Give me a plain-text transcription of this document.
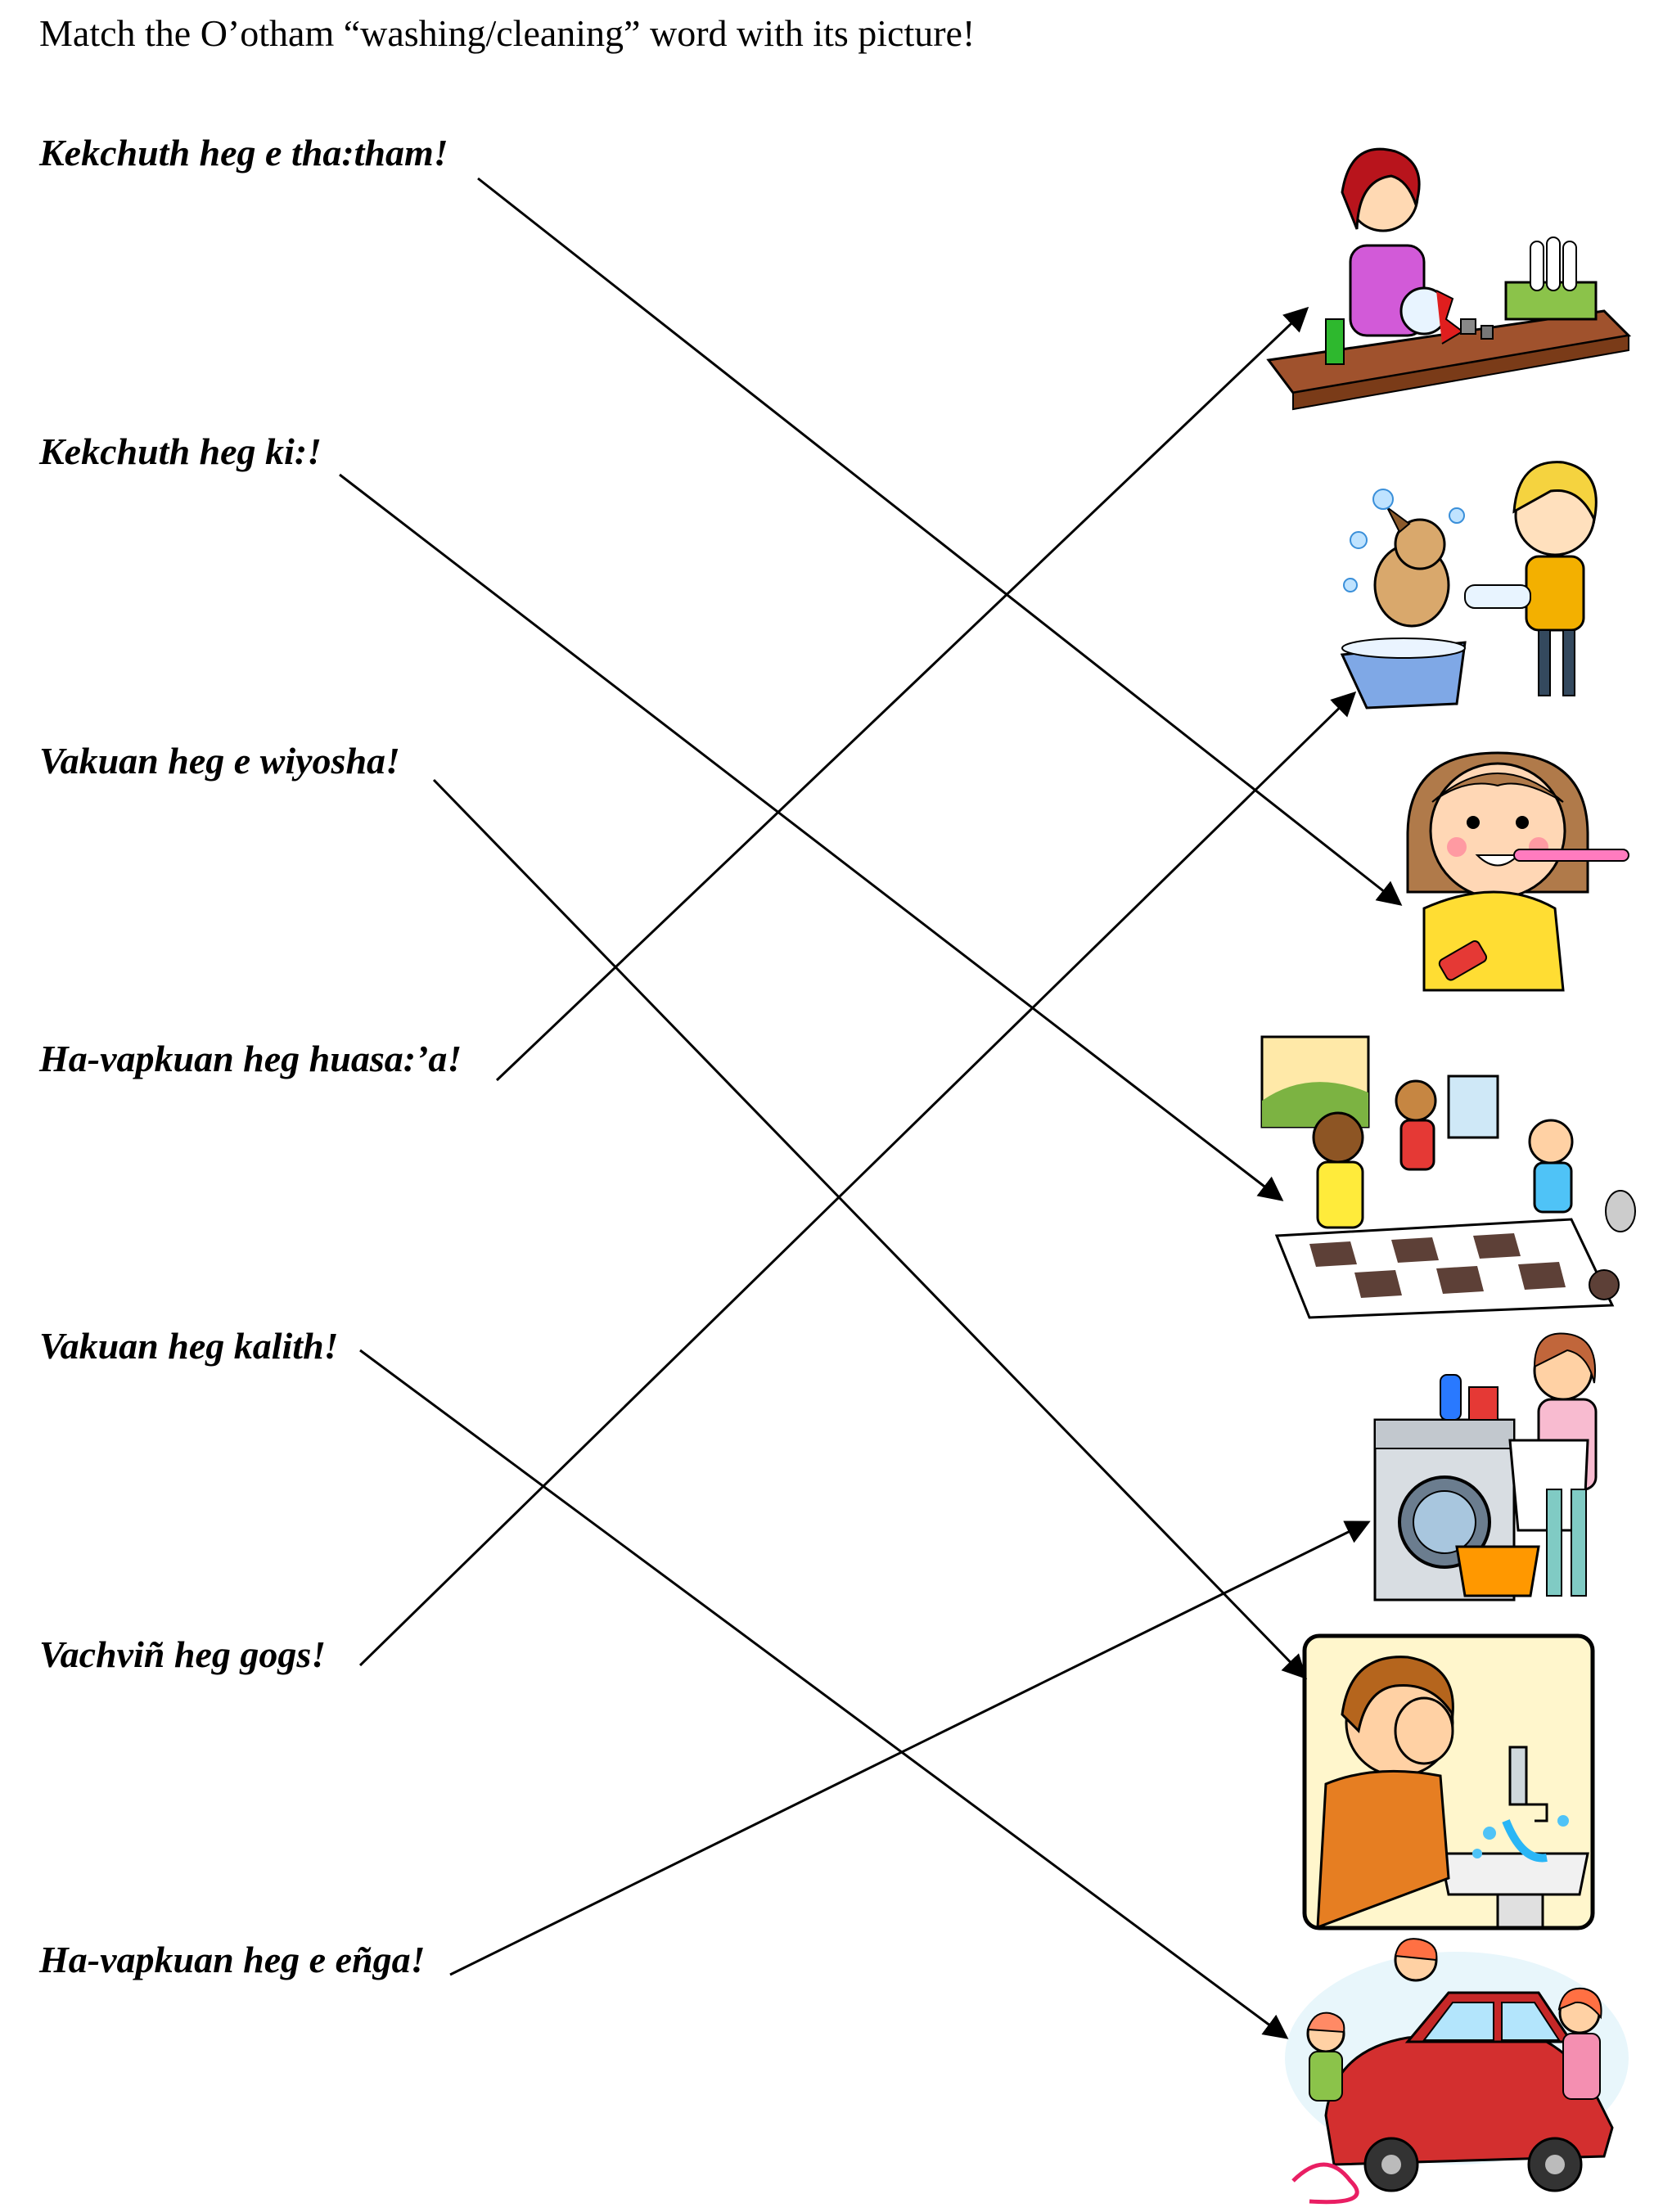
Match the O’otham “washing/cleaning” word with its picture!
Kekchuth heg e tha:tham!
Kekchuth heg ki:!
Vakuan heg e wiyosha!
Ha-vapkuan heg huasa:’a!
Vakuan heg kalith!
Vachviñ heg gogs!
Ha-vapkuan heg e eñga!
